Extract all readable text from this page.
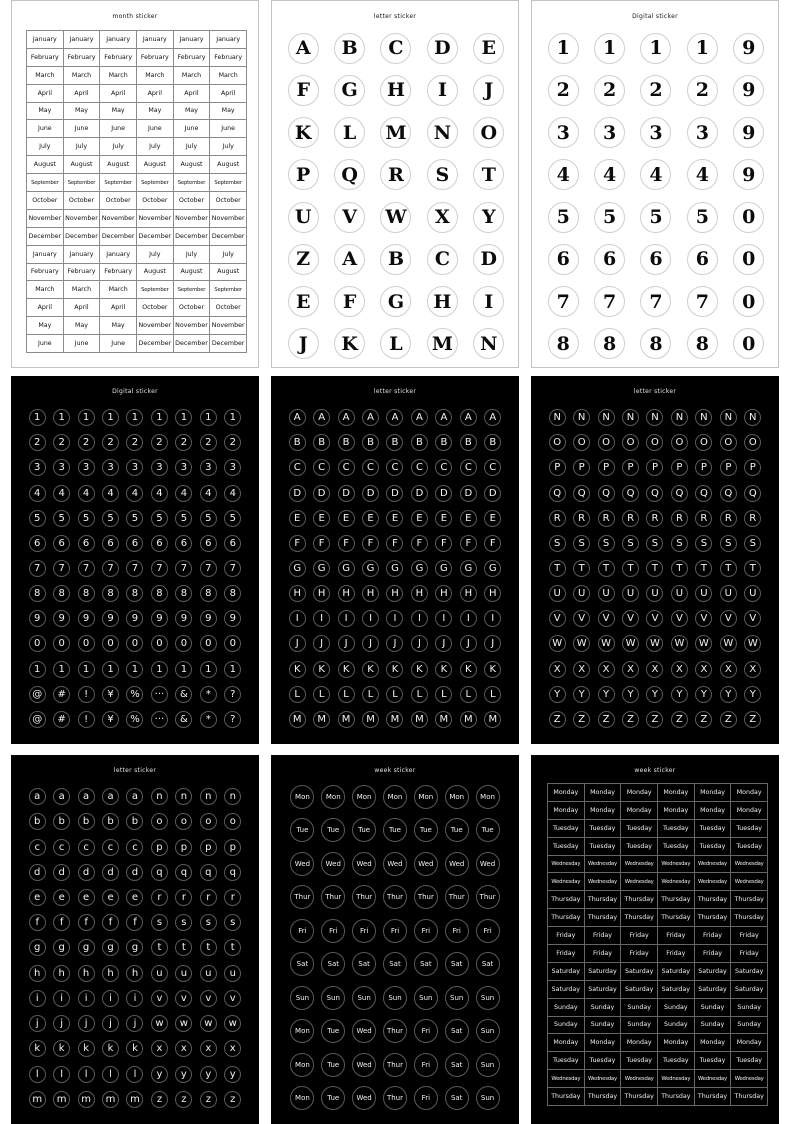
month sticker
January	January	January	January	January	January
February	February	February	February	February	February
March	March	March	March	March	March
April	April	April	April	April	April
May	May	May	May	May	May
June	June	June	June	June	June
July	July	July	July	July	July
August	August	August	August	August	August
September	September	September	September	September	September
October	October	October	October	October	October
November November November November November November
December December December December December December
January	January	January	July	July	July
February	February	February	August	August	August
March	March	March	September	September	September
April	April	April	October	October	October
May	May	May	November November November
June	June	June	December December December
letter sticker
A B C D E
F G H I J
K L M N O
P Q R S T
U V W X Y
Z A B C D
E F G H I
J K L M N
Digital sticker
1 1 1 1 9
2 2 2 2 9
3 3 3 3 9
4 4 4 4 9
5 5 5 5 0
6 6 6 6 0
7 7 7 7 0
8 8 8 8 0
Digital sticker
1 1 1 1 1 1 1 1 1
2 2 2 2 2 2 2 2 2
3 3 3 3 3 3 3 3 3
4 4 4 4 4 4 4 4 4
5 5 5 5 5 5 5 5 5
6 6 6 6 6 6 6 6 6
7 7 7 7 7 7 7 7 7
8 8 8 8 8 8 8 8 8
9 9 9 9 9 9 9 9 9
0 0 0 0 0 0 0 0 0
1 1 1 1 1 1 1 1 1
@ # ! ¥ % ··· & * ?
@ # ! ¥ % ··· & * ?
letter sticker
A A A A A A A A A
B B B B B B B B B
C C C C C C C C C
D D D D D D D D D
E E E E E E E E E
F F F F F F F F F
G G G G G G G G G
H H H H H H H H H
I I I I I I I I I
J J J J J J J J J
K K K K K K K K K
L L L L L L L L L
M M M M M M M M M
letter sticker
N N N N N N N N N
O O O O O O O O O
P P P P P P P P P
Q Q Q Q Q Q Q Q Q
R R R R R R R R R
S S S S S S S S S
T T T T T T T T T
U U U U U U U U U
V V V V V V V V V
W W W W W W W W W
X X X X X X X X X
Y Y Y Y Y Y Y Y Y
Z Z Z Z Z Z Z Z Z
letter sticker
a a a a a n n n n
b b b b b o o o o
c c c c c p p p p
d d d d d q q q q
e e e e e r r r r
f f f f f s s s s
g g g g g t t t t
h h h h h u u u u
i i i i i v v v v
j j j j j w w w w
k k k k k x x x x
l l l l l y y y y
m m m m m z z z z
week sticker
Mon Mon Mon Mon Mon Mon Mon
Tue	Tue	Tue	Tue	Tue	Tue	Tue
Wed Wed Wed Wed Wed Wed Wed
Thur Thur Thur Thur Thur Thur Thur
Fri	Fri	Fri	Fri	Fri	Fri	Fri
Sat	Sat	Sat	Sat	Sat	Sat	Sat
Sun	Sun	Sun	Sun	Sun	Sun	Sun
Mon Tue Wed Thur	Fri	Sat	Sun
Mon Tue Wed Thur	Fri	Sat	Sun
Mon Tue Wed Thur	Fri	Sat	Sun
week sticker
Monday	Monday	Monday	Monday	Monday	Monday
Monday	Monday	Monday	Monday	Monday	Monday
Tuesday	Tuesday	Tuesday	Tuesday	Tuesday	Tuesday
Tuesday	Tuesday	Tuesday	Tuesday	Tuesday	Tuesday
Wednesday	Wednesday	Wednesday	Wednesday	Wednesday	Wednesday
Wednesday	Wednesday	Wednesday	Wednesday	Wednesday	Wednesday
Thursday	Thursday	Thursday	Thursday	Thursday	Thursday
Thursday	Thursday	Thursday	Thursday	Thursday	Thursday
Friday	Friday	Friday	Friday	Friday	Friday
Friday	Friday	Friday	Friday	Friday	Friday
Saturday	Saturday	Saturday	Saturday	Saturday	Saturday
Saturday	Saturday	Saturday	Saturday	Saturday	Saturday
Sunday	Sunday	Sunday	Sunday	Sunday	Sunday
Sunday	Sunday	Sunday	Sunday	Sunday	Sunday
Monday	Monday	Monday	Monday	Monday	Monday
Tuesday	Tuesday	Tuesday	Tuesday	Tuesday	Tuesday
Wednesday	Wednesday	Wednesday	Wednesday	Wednesday	Wednesday
Thursday	Thursday	Thursday	Thursday	Thursday	Thursday
